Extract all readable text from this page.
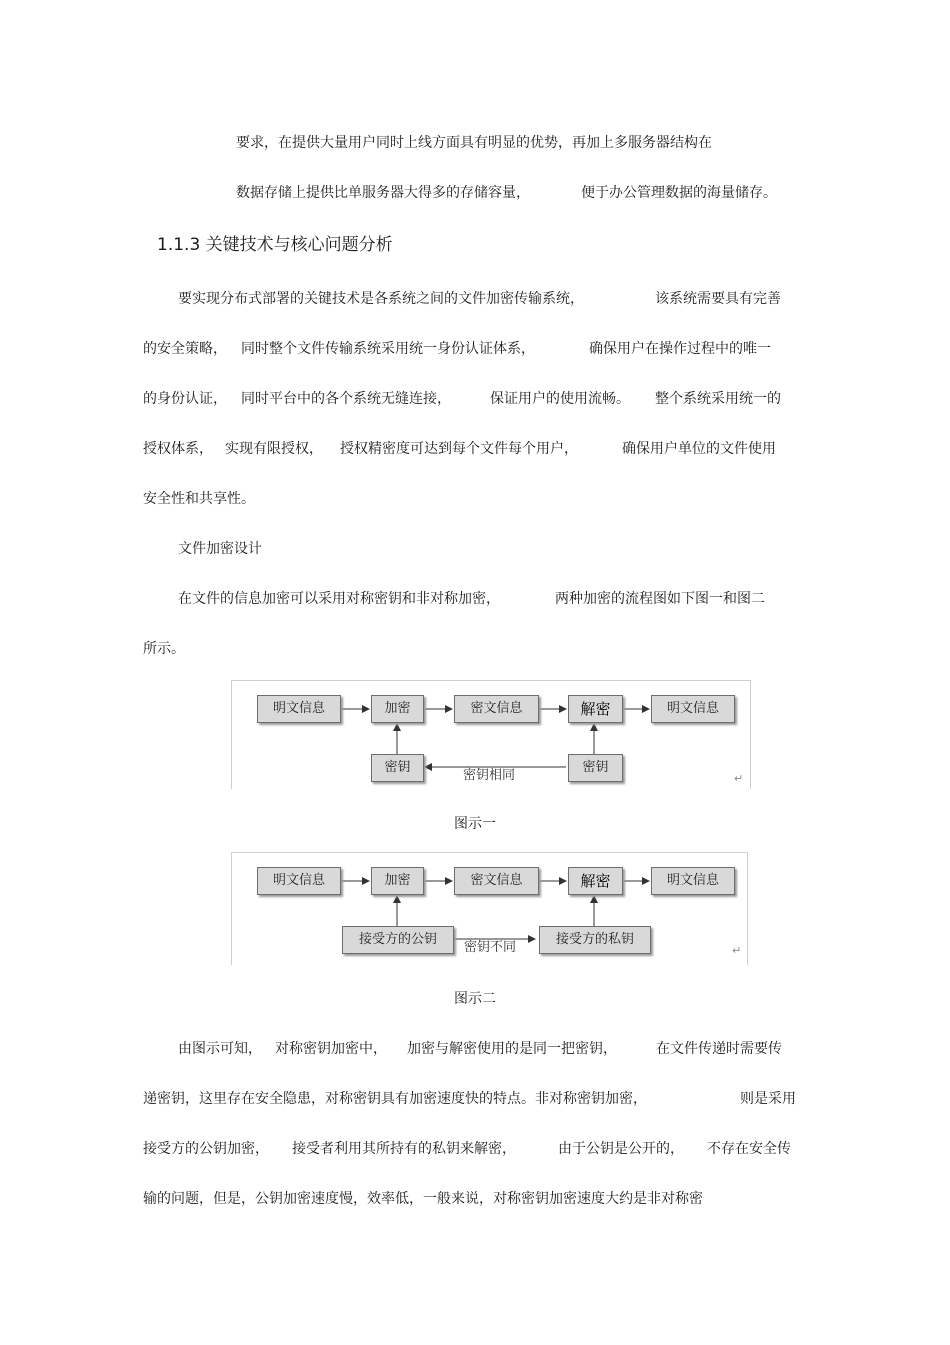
要求，在提供大量用户同时上线方面具有明显的优势，再加上多服务器结构在
数据存储上提供比单服务器大得多的存储容量，	便于办公管理数据的海量储存。
1.1.3 关键技术与核心问题分析
要实现分布式部署的关键技术是各系统之间的文件加密传输系统，	该系统需要具有完善
的安全策略， 同时整个文件传输系统采用统一身份认证体系，	确保用户在操作过程中的唯一
的身份认证， 同时平台中的各个系统无缝连接，	保证用户的使用流畅。 整个系统采用统一的
授权体系， 实现有限授权， 授权精密度可达到每个文件每个用户，	确保用户单位的文件使用
安全性和共享性。
文件加密设计
在文件的信息加密可以采用对称密钥和非对称加密，	两种加密的流程图如下图一和图二
所示。
明文信息	加密	密文信息	解密	明文信息
密钥	密钥
密钥相同	↵
图示一
明文信息	加密	密文信息	解密	明文信息
接受方的公钥	接受方的私钥
密钥不同	↵
图示二
由图示可知， 对称密钥加密中， 加密与解密使用的是同一把密钥，	在文件传递时需要传
递密钥，这里存在安全隐患，对称密钥具有加密速度快的特点。非对称密钥加密，	则是采用
接受方的公钥加密， 接受者利用其所持有的私钥来解密，	由于公钥是公开的， 不存在安全传
输的问题，但是，公钥加密速度慢，效率低，一般来说，对称密钥加密速度大约是非对称密
